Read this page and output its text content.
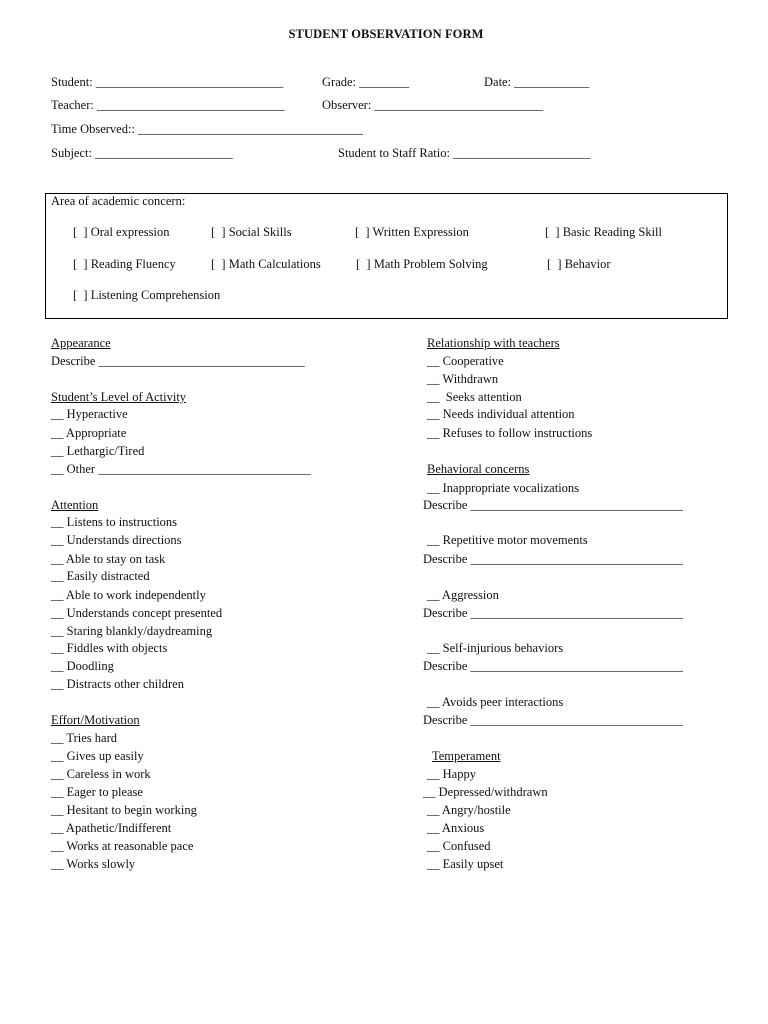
STUDENT OBSERVATION FORM
Student: ______________________________	Grade: ________	Date: ____________
Teacher: ______________________________	Observer: ___________________________
Time Observed:: ____________________________________
Subject: ______________________	Student to Staff Ratio: ______________________
Area of academic concern:
[  ] Oral expression	[  ] Social Skills	[  ] Written Expression	[  ] Basic Reading Skill
[  ] Reading Fluency	[  ] Math Calculations	[  ] Math Problem Solving	[  ] Behavior
[  ] Listening Comprehension
Appearance
Describe _________________________________
Student’s Level of Activity
__ Hyperactive
__ Appropriate
__ Lethargic/Tired
__ Other __________________________________
Attention
__ Listens to instructions
__ Understands directions
__ Able to stay on task
__ Easily distracted
__ Able to work independently
__ Understands concept presented
__ Staring blankly/daydreaming
__ Fiddles with objects
__ Doodling
__ Distracts other children
Effort/Motivation
__ Tries hard
__ Gives up easily
__ Careless in work
__ Eager to please
__ Hesitant to begin working
__ Apathetic/Indifferent
__ Works at reasonable pace
__ Works slowly
Relationship with teachers
__ Cooperative
__ Withdrawn
__  Seeks attention
__ Needs individual attention
__ Refuses to follow instructions
Behavioral concerns
__ Inappropriate vocalizations
Describe __________________________________
__ Repetitive motor movements
Describe __________________________________
__ Aggression
Describe __________________________________
__ Self-injurious behaviors
Describe __________________________________
__ Avoids peer interactions
Describe __________________________________
Temperament
__ Happy
__ Depressed/withdrawn
__ Angry/hostile
__ Anxious
__ Confused
__ Easily upset
